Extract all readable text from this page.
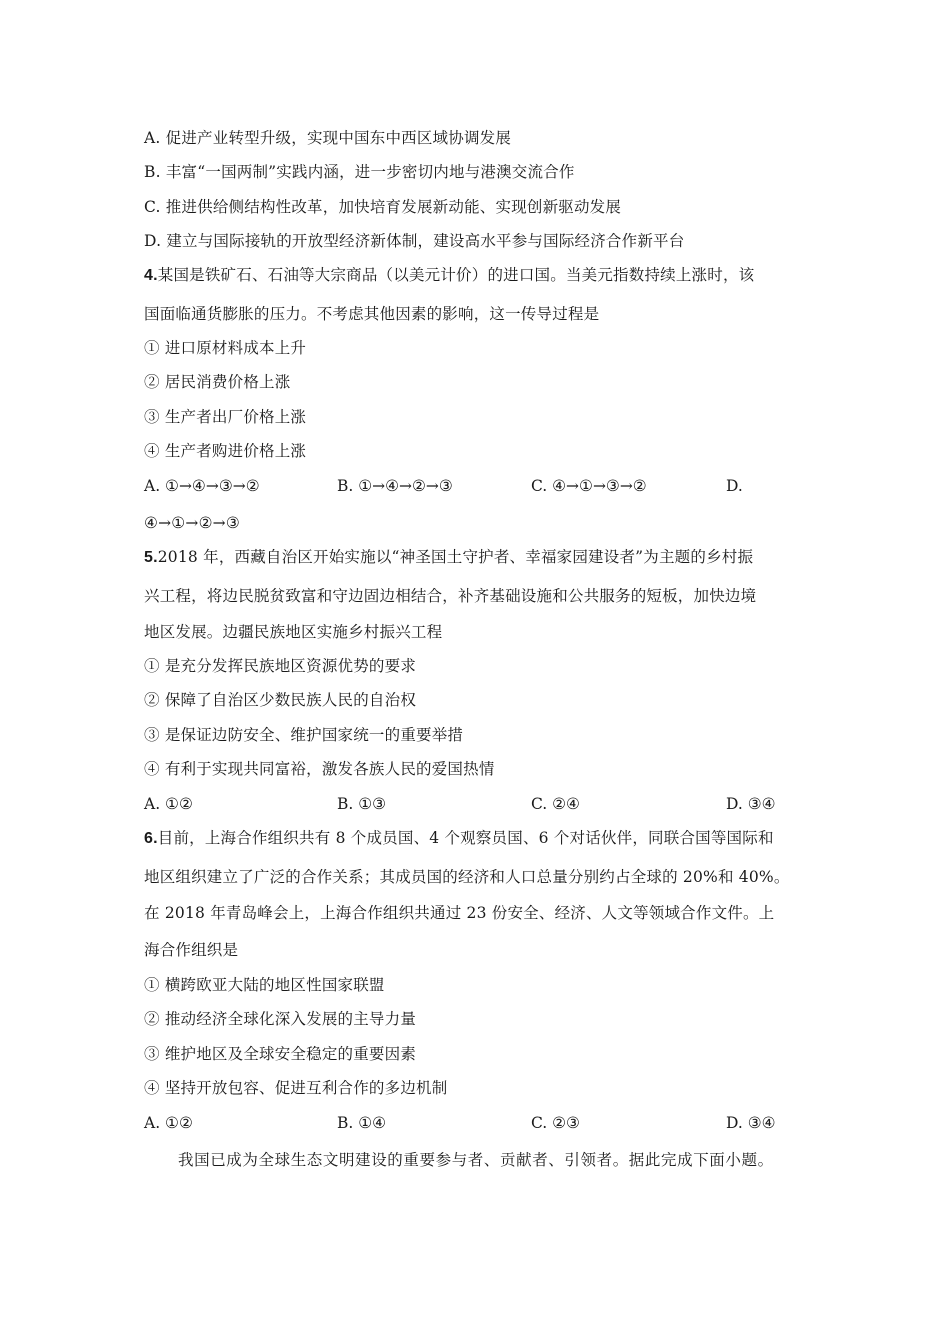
A. 促进产业转型升级，实现中国东中西区域协调发展
B. 丰富“一国两制”实践内涵，进一步密切内地与港澳交流合作
C. 推进供给侧结构性改革，加快培育发展新动能、实现创新驱动发展
D. 建立与国际接轨的开放型经济新体制，建设高水平参与国际经济合作新平台
4.某国是铁矿石、石油等大宗商品（以美元计价）的进口国。当美元指数持续上涨时，该
国面临通货膨胀的压力。不考虑其他因素的影响，这一传导过程是
① 进口原材料成本上升
② 居民消费价格上涨
③ 生产者出厂价格上涨
④ 生产者购进价格上涨
A. ①→④→③→②	B. ①→④→②→③	C. ④→①→③→②	D.
④→①→②→③
5.2018 年，西藏自治区开始实施以“神圣国土守护者、幸福家园建设者”为主题的乡村振
兴工程，将边民脱贫致富和守边固边相结合，补齐基础设施和公共服务的短板，加快边境
地区发展。边疆民族地区实施乡村振兴工程
① 是充分发挥民族地区资源优势的要求
② 保障了自治区少数民族人民的自治权
③ 是保证边防安全、维护国家统一的重要举措
④ 有利于实现共同富裕，激发各族人民的爱国热情
A. ①②	B. ①③	C. ②④	D. ③④
6.目前，上海合作组织共有 8 个成员国、4 个观察员国、6 个对话伙伴，同联合国等国际和
地区组织建立了广泛的合作关系；其成员国的经济和人口总量分别约占全球的 20%和 40%。
在 2018 年青岛峰会上，上海合作组织共通过 23 份安全、经济、人文等领域合作文件。上
海合作组织是
① 横跨欧亚大陆的地区性国家联盟
② 推动经济全球化深入发展的主导力量
③ 维护地区及全球安全稳定的重要因素
④ 坚持开放包容、促进互利合作的多边机制
A. ①②	B. ①④	C. ②③	D. ③④
我国已成为全球生态文明建设的重要参与者、贡献者、引领者。据此完成下面小题。
